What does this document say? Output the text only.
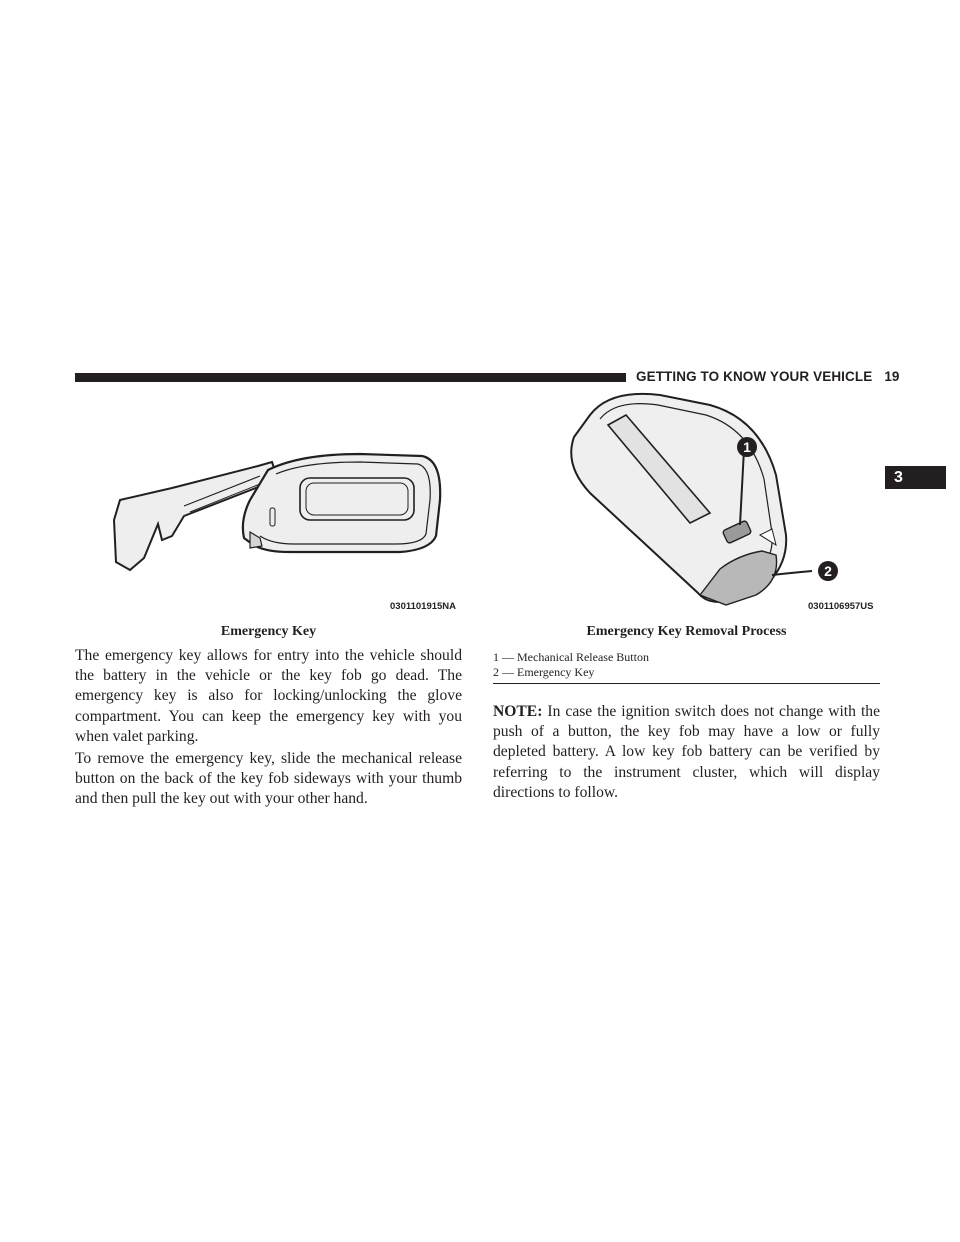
GETTING TO KNOW YOUR VEHICLE 19
3
0301101915NA
Emergency Key
1
2
0301106957US
Emergency Key Removal Process
1 — Mechanical Release Button
2 — Emergency Key

The emergency key allows for entry into the vehicle should the battery in the vehicle or the key fob go dead. The emergency key is also for locking/unlocking the glove compartment. You can keep the emergency key with you when valet parking.

To remove the emergency key, slide the mechanical release button on the back of the key fob sideways with your thumb and then pull the key out with your other hand.

NOTE: In case the ignition switch does not change with the push of a button, the key fob may have a low or fully depleted battery. A low key fob battery can be verified by referring to the instrument cluster, which will display directions to follow.
